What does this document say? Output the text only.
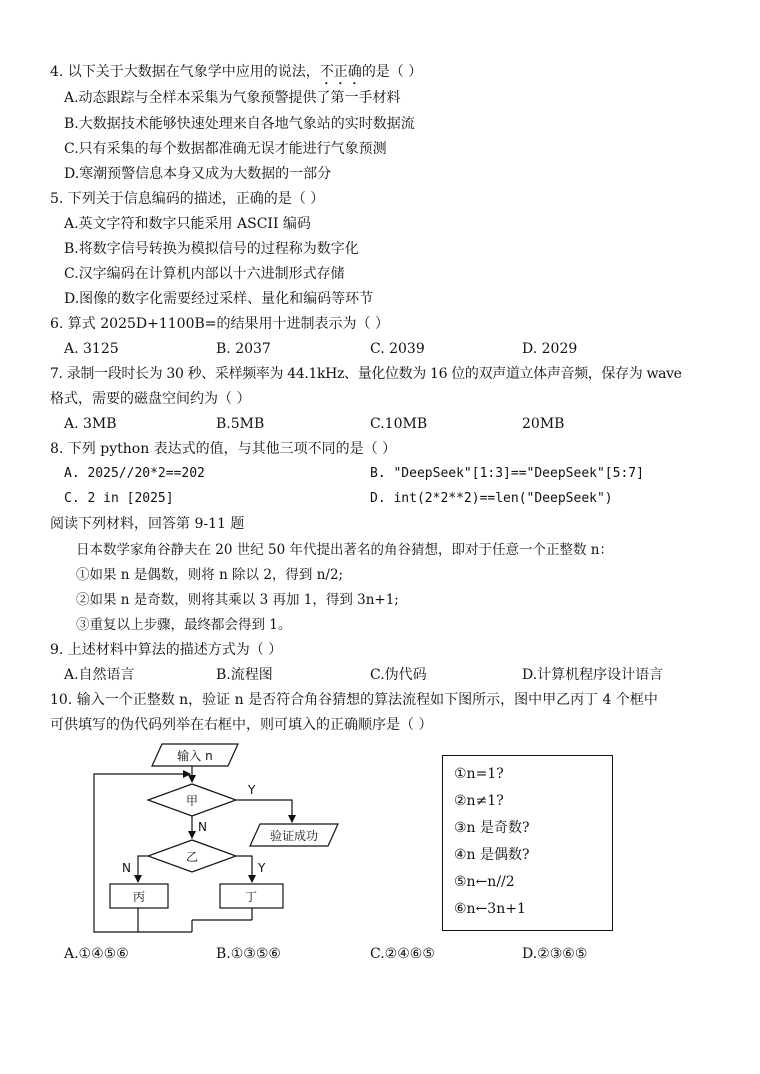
4. 以下关于大数据在气象学中应用的说法，不正确的是（ ）
A.动态跟踪与全样本采集为气象预警提供了第一手材料
B.大数据技术能够快速处理来自各地气象站的实时数据流
C.只有采集的每个数据都准确无误才能进行气象预测
D.寒潮预警信息本身又成为大数据的一部分
5. 下列关于信息编码的描述，正确的是（ ）
A.英文字符和数字只能采用 ASCII 编码
B.将数字信号转换为模拟信号的过程称为数字化
C.汉字编码在计算机内部以十六进制形式存储
D.图像的数字化需要经过采样、量化和编码等环节
6. 算式 2025D+1100B=的结果用十进制表示为（ ）
A. 3125	B. 2037	C. 2039	D. 2029
7. 录制一段时长为 30 秒、采样频率为 44.1kHz、量化位数为 16 位的双声道立体声音频，保存为 wave
格式，需要的磁盘空间约为（ ）
A. 3MB	B.5MB	C.10MB	20MB
8. 下列 python 表达式的值，与其他三项不同的是（ ）
A. 2025//20*2==202	B. "DeepSeek"[1:3]=="DeepSeek"[5:7]
C. 2 in [2025]	D. int(2*2**2)==len("DeepSeek")
阅读下列材料，回答第 9-11 题
日本数学家角谷静夫在 20 世纪 50 年代提出著名的角谷猜想，即对于任意一个正整数 n：
①如果 n 是偶数，则将 n 除以 2，得到 n/2;
②如果 n 是奇数，则将其乘以 3 再加 1，得到 3n+1;
③重复以上步骤，最终都会得到 1。
9. 上述材料中算法的描述方式为（ ）
A.自然语言	B.流程图	C.伪代码	D.计算机程序设计语言
10. 输入一个正整数 n，验证 n 是否符合角谷猜想的算法流程如下图所示，图中甲乙丙丁 4 个框中
可供填写的伪代码列举在右框中，则可填入的正确顺序是（ ）
输入 n
甲
Y
验证成功
N
乙
N	Y
丙	丁
①n=1?
②n≠1?
③n 是奇数?
④n 是偶数?
⑤n←n//2
⑥n←3n+1
A.①④⑤⑥	B.①③⑤⑥	C.②④⑥⑤	D.②③⑥⑤
